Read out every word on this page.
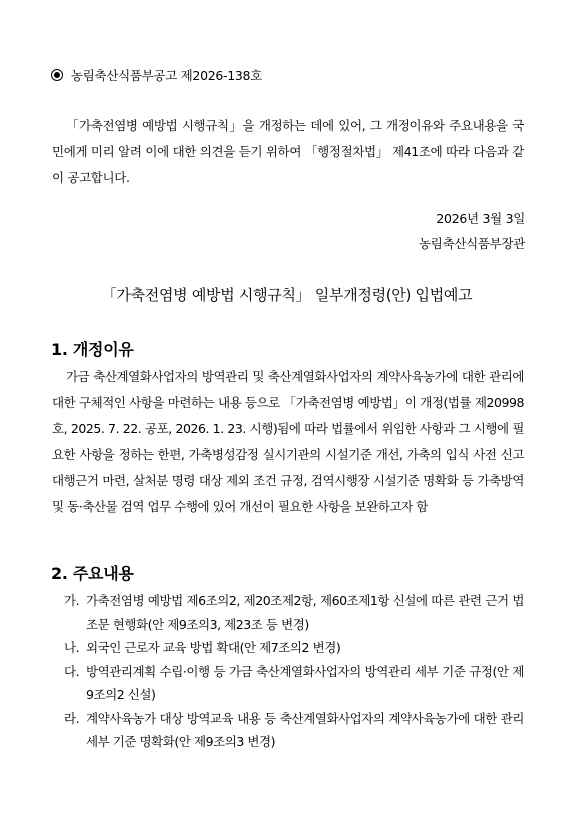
농림축산식품부공고 제2026-138호
「가축전염병 예방법 시행규칙」을 개정하는 데에 있어, 그 개정이유와 주요내용을 국민에게 미리 알려 이에 대한 의견을 듣기 위하여 「행정절차법」 제41조에 따라 다음과 같이 공고합니다.
2026년 3월 3일
농림축산식품부장관
「가축전염병 예방법 시행규칙」 일부개정령(안) 입법예고
1. 개정이유
가금 축산계열화사업자의 방역관리 및 축산계열화사업자의 계약사육농가에 대한 관리에 대한 구체적인 사항을 마련하는 내용 등으로 「가축전염병 예방법」이 개정(법률 제20998호, 2025. 7. 22. 공포, 2026. 1. 23. 시행)됨에 따라 법률에서 위임한 사항과 그 시행에 필요한 사항을 정하는 한편, 가축병성감정 실시기관의 시설기준 개선, 가축의 입식 사전 신고 대행근거 마련, 살처분 명령 대상 제외 조건 규정, 검역시행장 시설기준 명확화 등 가축방역 및 동·축산물 검역 업무 수행에 있어 개선이 필요한 사항을 보완하고자 함
2. 주요내용
가. 가축전염병 예방법 제6조의2, 제20조제2항, 제60조제1항 신설에 따른 관련 근거 법조문 현행화(안 제9조의3, 제23조 등 변경)
나. 외국인 근로자 교육 방법 확대(안 제7조의2 변경)
다. 방역관리계획 수립·이행 등 가금 축산계열화사업자의 방역관리 세부 기준 규정(안 제9조의2 신설)
라. 계약사육농가 대상 방역교육 내용 등 축산계열화사업자의 계약사육농가에 대한 관리 세부 기준 명확화(안 제9조의3 변경)
